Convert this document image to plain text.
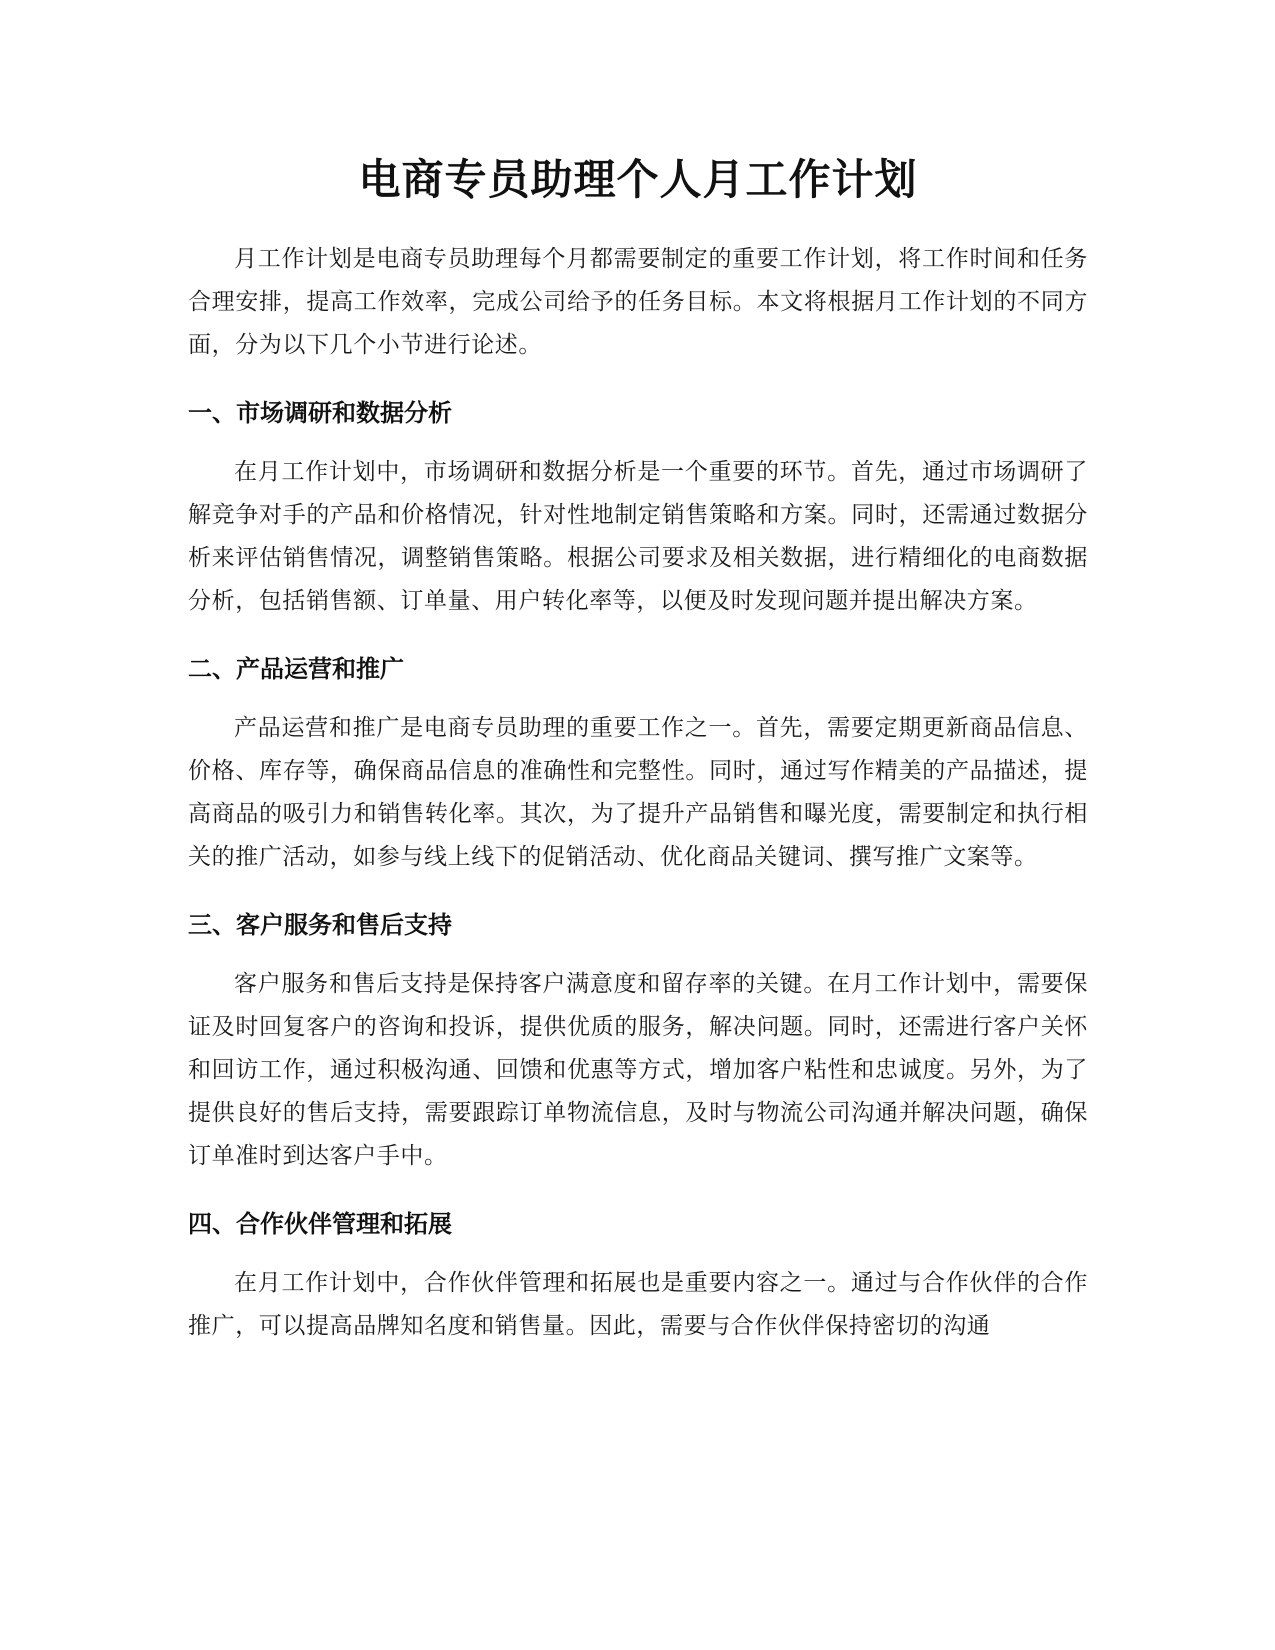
电商专员助理个人月工作计划

月工作计划是电商专员助理每个月都需要制定的重要工作计划，将工作时间和任务合理安排，提高工作效率，完成公司给予的任务目标。本文将根据月工作计划的不同方面，分为以下几个小节进行论述。

一、市场调研和数据分析

在月工作计划中，市场调研和数据分析是一个重要的环节。首先，通过市场调研了解竞争对手的产品和价格情况，针对性地制定销售策略和方案。同时，还需通过数据分析来评估销售情况，调整销售策略。根据公司要求及相关数据，进行精细化的电商数据分析，包括销售额、订单量、用户转化率等，以便及时发现问题并提出解决方案。

二、产品运营和推广

产品运营和推广是电商专员助理的重要工作之一。首先，需要定期更新商品信息、价格、库存等，确保商品信息的准确性和完整性。同时，通过写作精美的产品描述，提高商品的吸引力和销售转化率。其次，为了提升产品销售和曝光度，需要制定和执行相关的推广活动，如参与线上线下的促销活动、优化商品关键词、撰写推广文案等。

三、客户服务和售后支持

客户服务和售后支持是保持客户满意度和留存率的关键。在月工作计划中，需要保证及时回复客户的咨询和投诉，提供优质的服务，解决问题。同时，还需进行客户关怀和回访工作，通过积极沟通、回馈和优惠等方式，增加客户粘性和忠诚度。另外，为了提供良好的售后支持，需要跟踪订单物流信息，及时与物流公司沟通并解决问题，确保订单准时到达客户手中。

四、合作伙伴管理和拓展

在月工作计划中，合作伙伴管理和拓展也是重要内容之一。通过与合作伙伴的合作推广，可以提高品牌知名度和销售量。因此，需要与合作伙伴保持密切的沟通
